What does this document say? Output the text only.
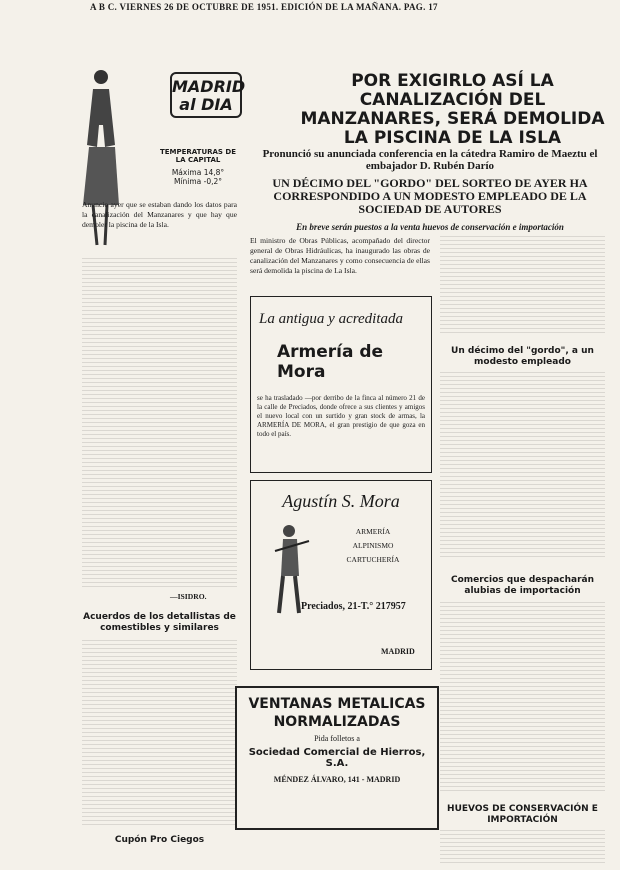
A B C. VIERNES 26 DE OCTUBRE DE 1951. EDICIÓN DE LA MAÑANA. PAG. 17
MADRID
al DIA
POR EXIGIRLO ASÍ LA CANALIZACIÓN DEL MANZANARES, SERÁ DEMOLIDA LA PISCINA DE LA ISLA
Pronunció su anunciada conferencia en la cátedra Ramiro de Maeztu el embajador D. Rubén Darío
UN DÉCIMO DEL "GORDO" DEL SORTEO DE AYER HA CORRESPONDIDO A UN MODESTO EMPLEADO DE LA SOCIEDAD DE AUTORES
En breve serán puestos a la venta huevos de conservación e importación
TEMPERATURAS DE LA CAPITAL
Máxima 14,8°
Mínima -0,2°
Anuncio ayer que se estaban dando los datos para la canalización del Manzanares y que hay que demoler la piscina de la Isla.
—ISIDRO.
Acuerdos de los detallistas de comestibles y similares
Cupón Pro Ciegos
El ministro de Obras Públicas, acompañado del director general de Obras Hidráulicas, ha inaugurado las obras de canalización del Manzanares y como consecuencia de ellas será demolida la piscina de La Isla.
La antigua y acreditada
Armería de Mora
se ha trasladado —por derribo de la finca al número 21 de la calle de Preciados, donde ofrece a sus clientes y amigos el nuevo local con un surtido y gran stock de armas, la ARMERÍA DE MORA, el gran prestigio de que goza en todo el país.
Agustín S. Mora
ARMERÍA
ALPINISMO
CARTUCHERÍA
Preciados, 21-T.° 217957
MADRID
VENTANAS METALICAS
NORMALIZADAS
Pida folletos a
Sociedad Comercial de Hierros, S.A.
MÉNDEZ ÁLVARO, 141 - MADRID
Un décimo del "gordo", a un modesto empleado
Comercios que despacharán alubias de importación
HUEVOS DE CONSERVACIÓN E IMPORTACIÓN
